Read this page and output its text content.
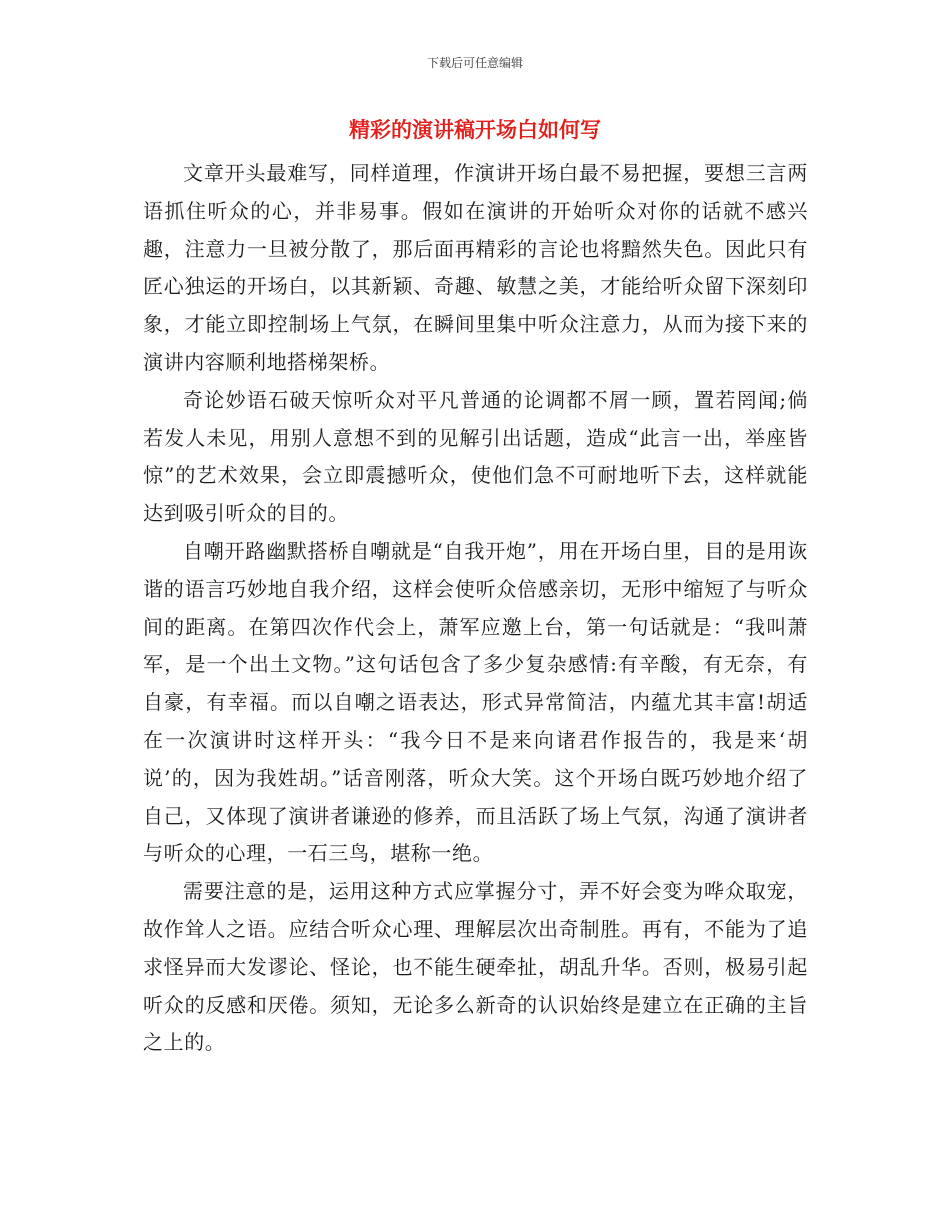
下载后可任意编辑
精彩的演讲稿开场白如何写

文章开头最难写，同样道理，作演讲开场白最不易把握，要想三言两语抓住听众的心，并非易事。假如在演讲的开始听众对你的话就不感兴趣，注意力一旦被分散了，那后面再精彩的言论也将黯然失色。因此只有匠心独运的开场白，以其新颖、奇趣、敏慧之美，才能给听众留下深刻印象，才能立即控制场上气氛，在瞬间里集中听众注意力，从而为接下来的演讲内容顺利地搭梯架桥。

奇论妙语石破天惊听众对平凡普通的论调都不屑一顾，置若罔闻;倘若发人未见，用别人意想不到的见解引出话题，造成“此言一出，举座皆惊”的艺术效果，会立即震撼听众，使他们急不可耐地听下去，这样就能达到吸引听众的目的。

自嘲开路幽默搭桥自嘲就是“自我开炮”，用在开场白里，目的是用诙谐的语言巧妙地自我介绍，这样会使听众倍感亲切，无形中缩短了与听众间的距离。在第四次作代会上，萧军应邀上台，第一句话就是：“我叫萧军，是一个出土文物。”这句话包含了多少复杂感情:有辛酸，有无奈，有自豪，有幸福。而以自嘲之语表达，形式异常简洁，内蕴尤其丰富!胡适在一次演讲时这样开头：“我今日不是来向诸君作报告的，我是来‘胡说’的，因为我姓胡。”话音刚落，听众大笑。这个开场白既巧妙地介绍了自己，又体现了演讲者谦逊的修养，而且活跃了场上气氛，沟通了演讲者与听众的心理，一石三鸟，堪称一绝。

需要注意的是，运用这种方式应掌握分寸，弄不好会变为哗众取宠，故作耸人之语。应结合听众心理、理解层次出奇制胜。再有，不能为了追求怪异而大发谬论、怪论，也不能生硬牵扯，胡乱升华。否则，极易引起听众的反感和厌倦。须知，无论多么新奇的认识始终是建立在正确的主旨之上的。
